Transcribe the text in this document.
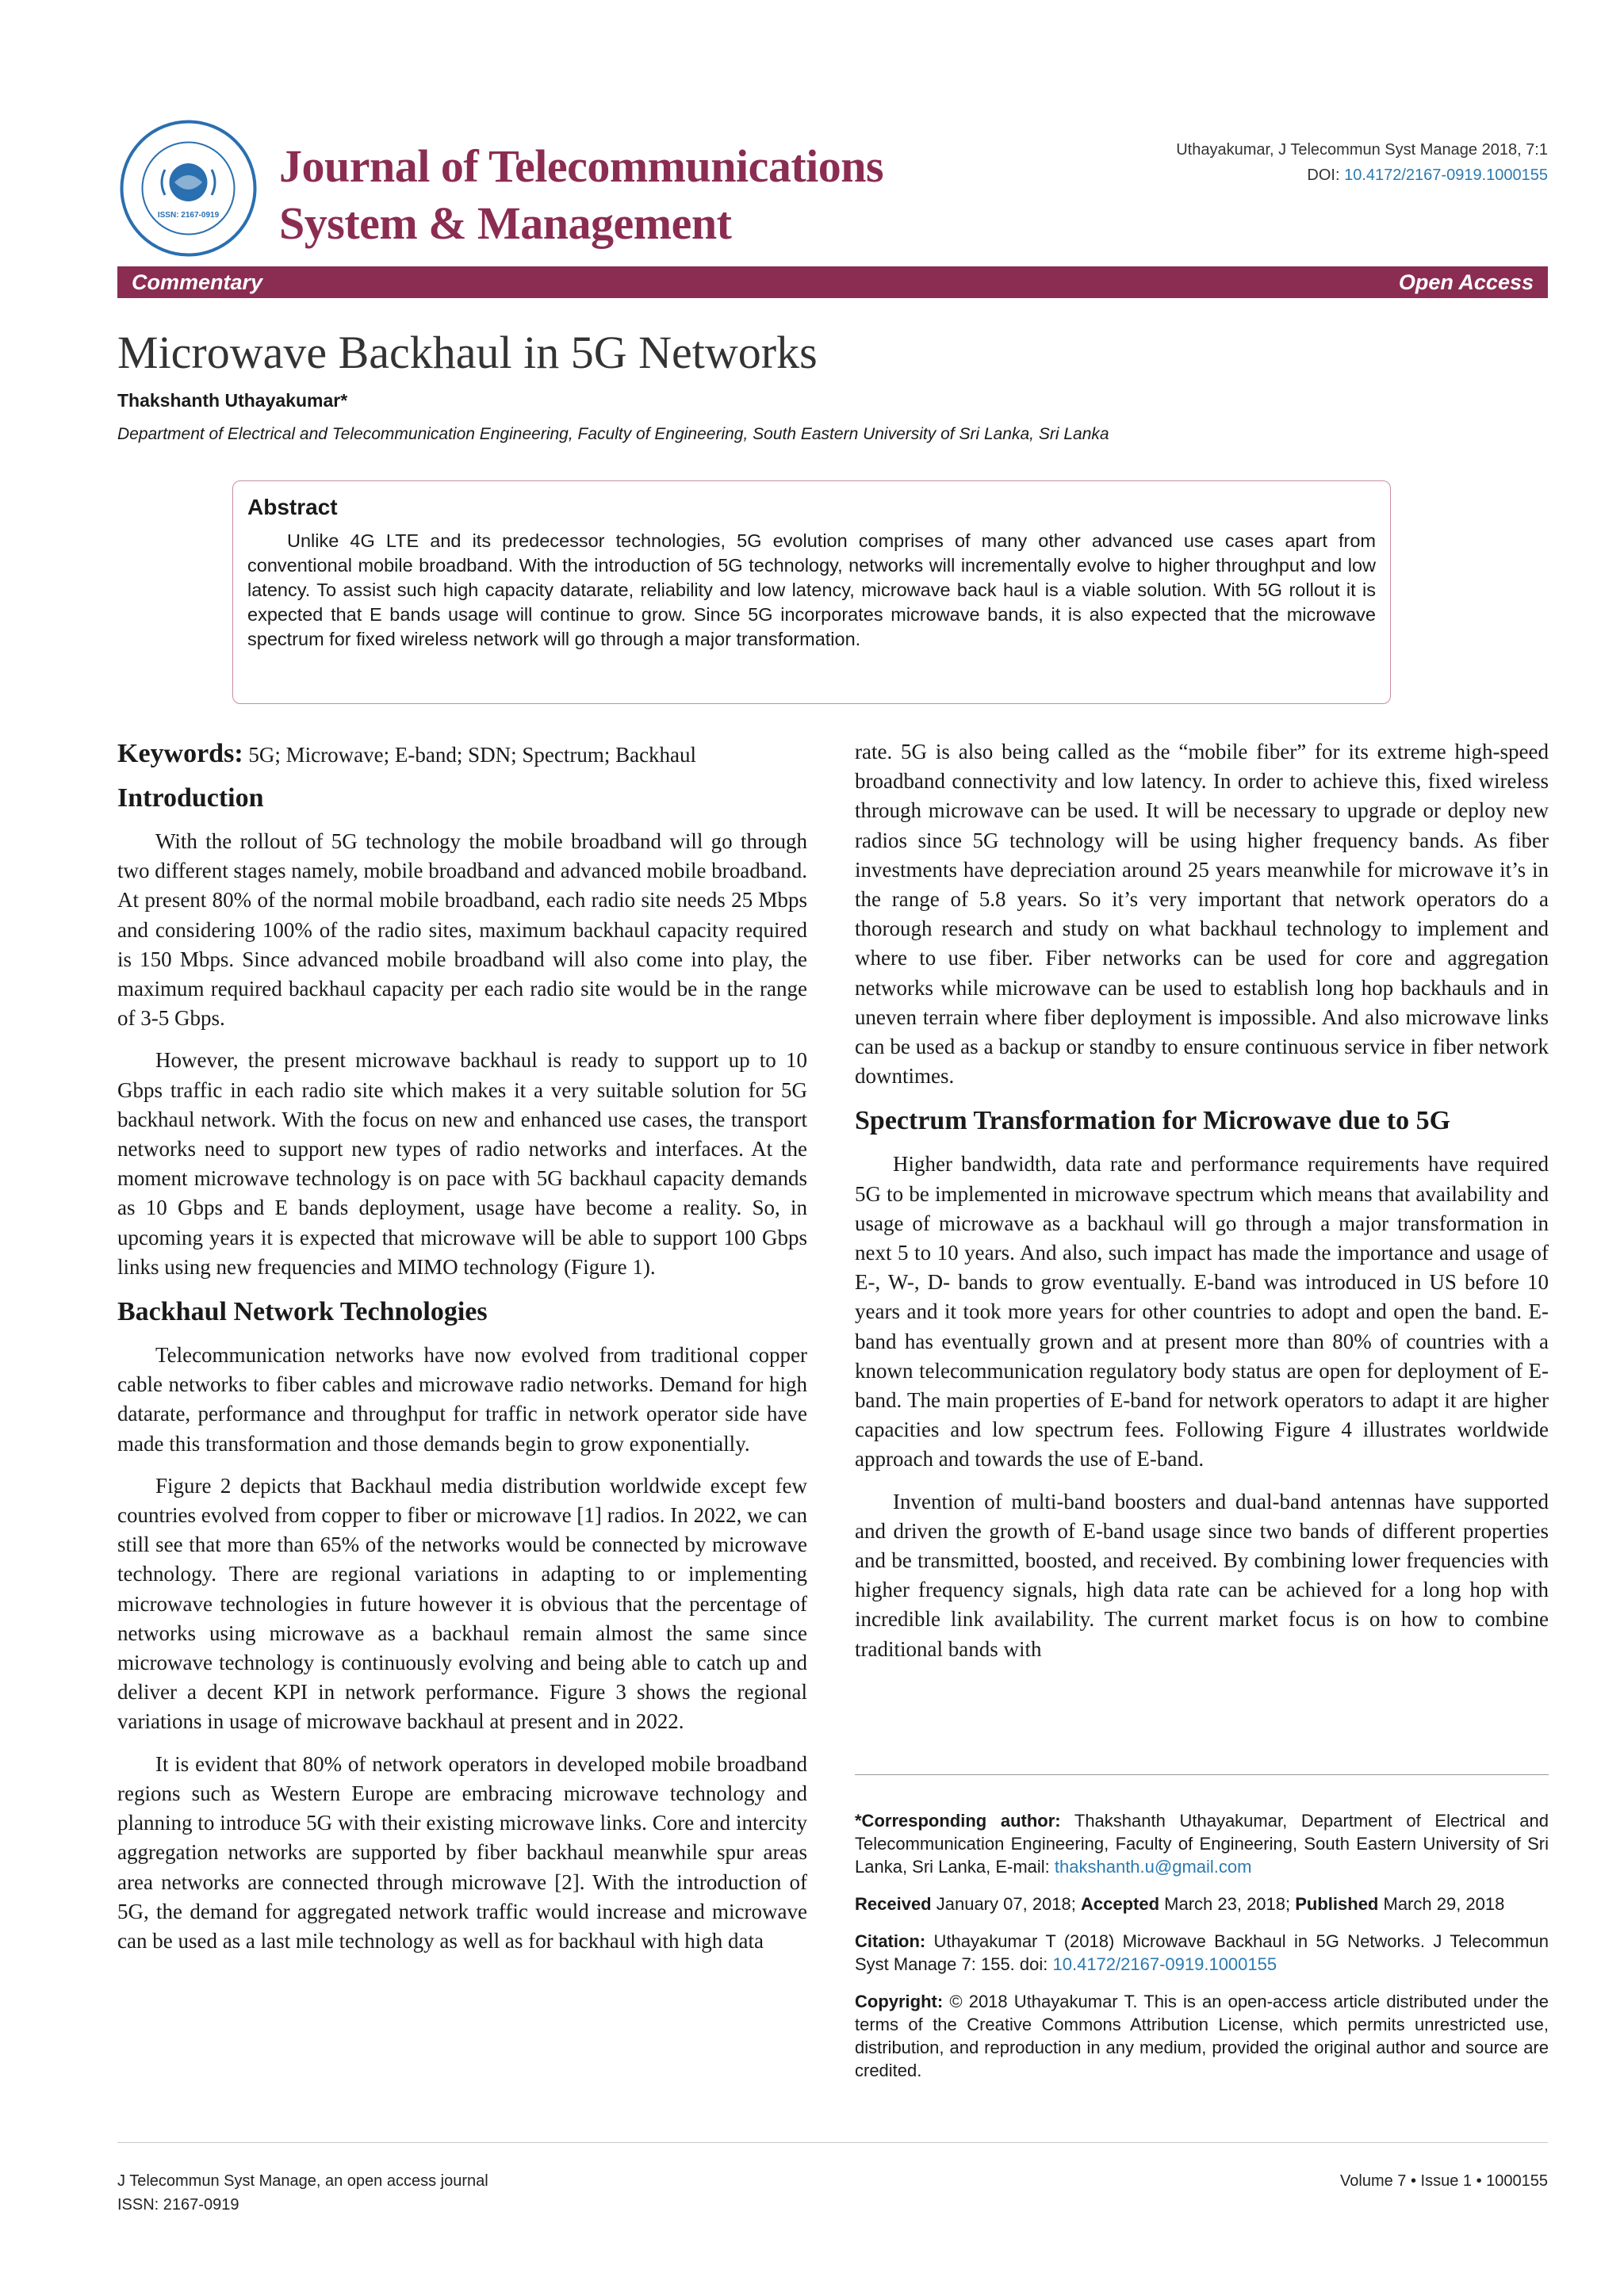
ISSN: 2167-0919
Journal of Telecommunications
System & Management
Uthayakumar, J Telecommun Syst Manage 2018, 7:1
DOI: 10.4172/2167-0919.1000155
Commentary	Open Access
Microwave Backhaul in 5G Networks
Thakshanth Uthayakumar*
Department of Electrical and Telecommunication Engineering, Faculty of Engineering, South Eastern University of Sri Lanka, Sri Lanka
Abstract

Unlike 4G LTE and its predecessor technologies, 5G evolution comprises of many other advanced use cases apart from conventional mobile broadband. With the introduction of 5G technology, networks will incrementally evolve to higher throughput and low latency. To assist such high capacity datarate, reliability and low latency, microwave back haul is a viable solution. With 5G rollout it is expected that E bands usage will continue to grow. Since 5G incorporates microwave bands, it is also expected that the microwave spectrum for fixed wireless network will go through a major transformation.

Keywords: 5G; Microwave; E-band; SDN; Spectrum; Backhaul
Introduction

With the rollout of 5G technology the mobile broadband will go through two different stages namely, mobile broadband and advanced mobile broadband. At present 80% of the normal mobile broadband, each radio site needs 25 Mbps and considering 100% of the radio sites, maximum backhaul capacity required is 150 Mbps. Since advanced mobile broadband will also come into play, the maximum required backhaul capacity per each radio site would be in the range of 3-5 Gbps.

However, the present microwave backhaul is ready to support up to 10 Gbps traffic in each radio site which makes it a very suitable solution for 5G backhaul network. With the focus on new and enhanced use cases, the transport networks need to support new types of radio networks and interfaces. At the moment microwave technology is on pace with 5G backhaul capacity demands as 10 Gbps and E bands deployment, usage have become a reality. So, in upcoming years it is expected that microwave will be able to support 100 Gbps links using new frequencies and MIMO technology (Figure 1).

Backhaul Network Technologies

Telecommunication networks have now evolved from traditional copper cable networks to fiber cables and microwave radio networks. Demand for high datarate, performance and throughput for traffic in network operator side have made this transformation and those demands begin to grow exponentially.

Figure 2 depicts that Backhaul media distribution worldwide except few countries evolved from copper to fiber or microwave [1] radios. In 2022, we can still see that more than 65% of the networks would be connected by microwave technology. There are regional variations in adapting to or implementing microwave technologies in future however it is obvious that the percentage of networks using microwave as a backhaul remain almost the same since microwave technology is continuously evolving and being able to catch up and deliver a decent KPI in network performance. Figure 3 shows the regional variations in usage of microwave backhaul at present and in 2022.

It is evident that 80% of network operators in developed mobile broadband regions such as Western Europe are embracing microwave technology and planning to introduce 5G with their existing microwave links. Core and intercity aggregation networks are supported by fiber backhaul meanwhile spur areas area networks are connected through microwave [2]. With the introduction of 5G, the demand for aggregated network traffic would increase and microwave can be used as a last mile technology as well as for backhaul with high data

rate. 5G is also being called as the “mobile fiber” for its extreme high-speed broadband connectivity and low latency. In order to achieve this, fixed wireless through microwave can be used. It will be necessary to upgrade or deploy new radios since 5G technology will be using higher frequency bands. As fiber investments have depreciation around 25 years meanwhile for microwave it’s in the range of 5.8 years. So it’s very important that network operators do a thorough research and study on what backhaul technology to implement and where to use fiber. Fiber networks can be used for core and aggregation networks while microwave can be used to establish long hop backhauls and in uneven terrain where fiber deployment is impossible. And also microwave links can be used as a backup or standby to ensure continuous service in fiber network downtimes.

Spectrum Transformation for Microwave due to 5G

Higher bandwidth, data rate and performance requirements have required 5G to be implemented in microwave spectrum which means that availability and usage of microwave as a backhaul will go through a major transformation in next 5 to 10 years. And also, such impact has made the importance and usage of E-, W-, D- bands to grow eventually. E-band was introduced in US before 10 years and it took more years for other countries to adopt and open the band. E-band has eventually grown and at present more than 80% of countries with a known telecommunication regulatory body status are open for deployment of E-band. The main properties of E-band for network operators to adapt it are higher capacities and low spectrum fees. Following Figure 4 illustrates worldwide approach and towards the use of E-band.

Invention of multi-band boosters and dual-band antennas have supported and driven the growth of E-band usage since two bands of different properties and be transmitted, boosted, and received. By combining lower frequencies with higher frequency signals, high data rate can be achieved for a long hop with incredible link availability. The current market focus is on how to combine traditional bands with

*Corresponding author: Thakshanth Uthayakumar, Department of Electrical and Telecommunication Engineering, Faculty of Engineering, South Eastern University of Sri Lanka, Sri Lanka, E-mail: thakshanth.u@gmail.com

Received January 07, 2018; Accepted March 23, 2018; Published March 29, 2018

Citation: Uthayakumar T (2018) Microwave Backhaul in 5G Networks. J Telecommun Syst Manage 7: 155. doi: 10.4172/2167-0919.1000155

Copyright: © 2018 Uthayakumar T. This is an open-access article distributed under the terms of the Creative Commons Attribution License, which permits unrestricted use, distribution, and reproduction in any medium, provided the original author and source are credited.

J Telecommun Syst Manage, an open access journal
ISSN: 2167-0919
Volume 7 • Issue 1 • 1000155
